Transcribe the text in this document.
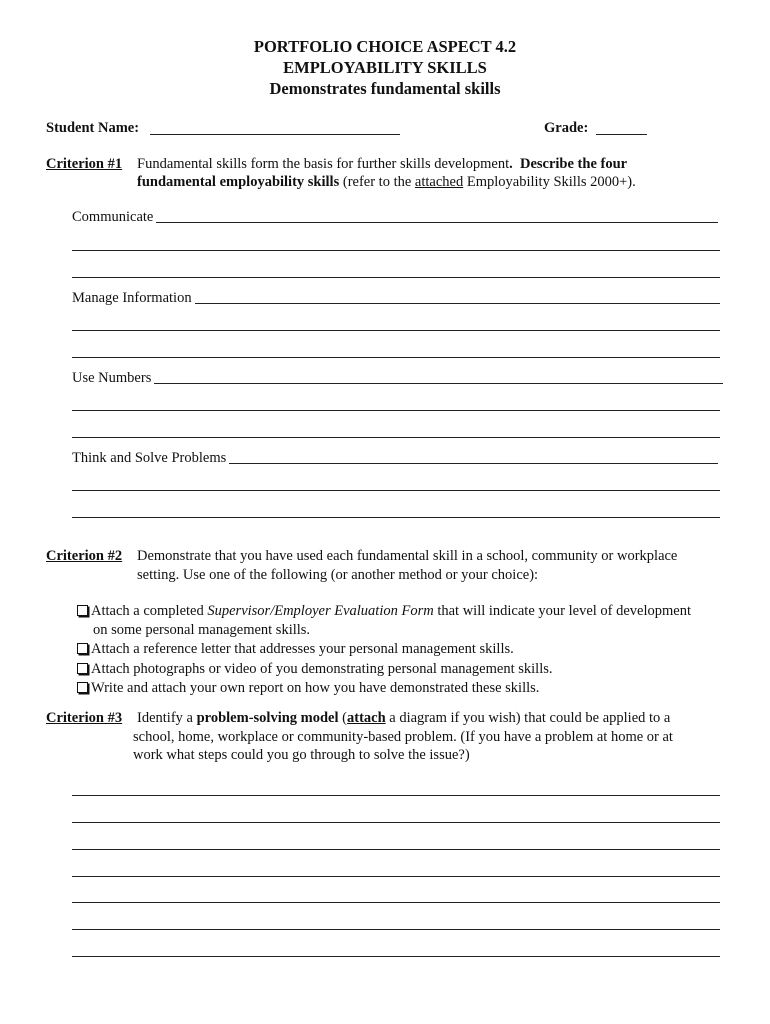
PORTFOLIO CHOICE ASPECT 4.2
EMPLOYABILITY SKILLS
Demonstrates fundamental skills
Student Name:	Grade:
Criterion #1 Fundamental skills form the basis for further skills development. Describe the four
fundamental employability skills (refer to the attached Employability Skills 2000+).
Communicate
Manage Information
Use Numbers
Think and Solve Problems
Criterion #2 Demonstrate that you have used each fundamental skill in a school, community or workplace
setting. Use one of the following (or another method or your choice):
Attach a completed Supervisor/Employer Evaluation Form that will indicate your level of development
on some personal management skills.
Attach a reference letter that addresses your personal management skills.
Attach photographs or video of you demonstrating personal management skills.
Write and attach your own report on how you have demonstrated these skills.
Criterion #3 Identify a problem-solving model (attach a diagram if you wish) that could be applied to a
school, home, workplace or community-based problem. (If you have a problem at home or at
work what steps could you go through to solve the issue?)
